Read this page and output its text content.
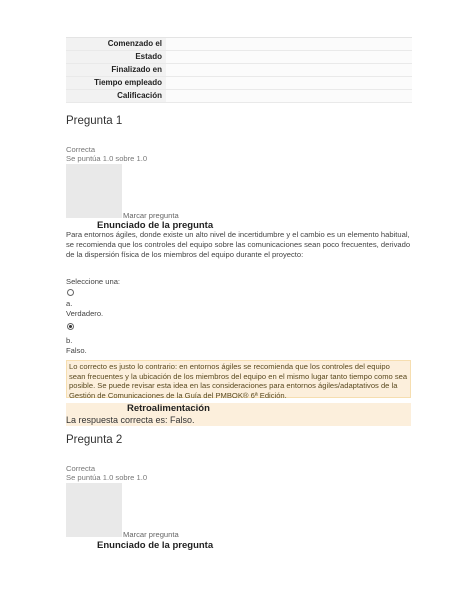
Comenzado el
Estado
Finalizado en
Tiempo empleado
Calificación
Pregunta 1
Correcta
Se puntúa 1.0 sobre 1.0
Marcar pregunta
Enunciado de la pregunta
Para entornos ágiles, donde existe un alto nivel de incertidumbre y el cambio es un elemento habitual, se recomienda que los controles del equipo sobre las comunicaciones sean poco frecuentes, derivado de la dispersión física de los miembros del equipo durante el proyecto:
Seleccione una:
a.
Verdadero.
b.
Falso.
Lo correcto es justo lo contrario: en entornos ágiles se recomienda que los controles del equipo sean frecuentes y la ubicación de los miembros del equipo en el mismo lugar tanto tiempo como sea posible. Se puede revisar esta idea en las consideraciones para entornos ágiles/adaptativos de la Gestión de Comunicaciones de la Guía del PMBOK® 6ª Edición.
Retroalimentación
La respuesta correcta es: Falso.
Pregunta 2
Correcta
Se puntúa 1.0 sobre 1.0
Marcar pregunta
Enunciado de la pregunta
